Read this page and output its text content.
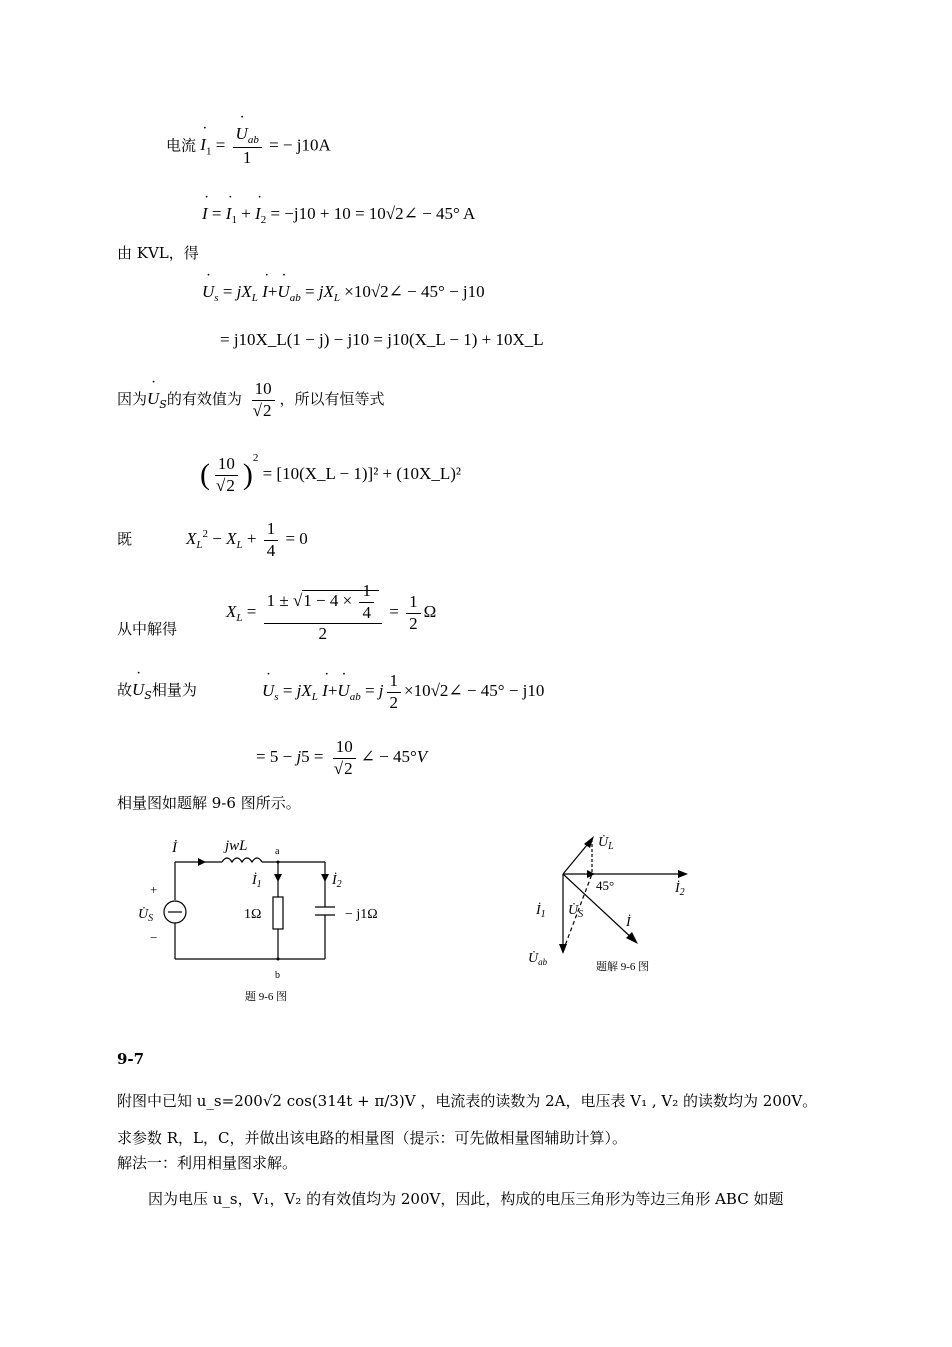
电流 ˙ $I_1$ = ˙ $\frac{U_{ab}}{1}$ = − j10A
˙ I = ˙ $I_1$ + ˙ $I_2 = -j10 + 10$ = 10√2∠ − 45° A
由 KVL，得
˙ $U_s = jX_L$ ˙ I+˙ $U_{ab} = jX_L$ ×10√2∠ − 45° − j10
= j10X_L(1 − j) − j10 = j10(X_L − 1) + 10X_L
因为˙ $U_S$的有效值为 $\frac{10}{√2}$ ，所以有恒等式
( $\frac{10}{√2} )^2$ = [10(X_L − 1)]² + (10X_L)²
既	$X_L^2 - X_L + \frac{1}{4} = 0$
从中解得
$X_L = \frac{1 \pm √1 - 4 \times \frac{1}{4}}{2} = \frac{1}{2}$ Ω
故˙ $U_S$相量为	˙ $U_s = jX_L$ ˙ I+˙ $U_{ab} = j \frac{1}{2}$ ×10√2∠ − 45° − j10
= $5 - j5 = \frac{10}{√2}$ ∠ − 45°V
相量图如题解 9-6 图所示。
İ	jwL	a
b
$İ_1$	$İ_2$
1Ω	− j1Ω
+
$U̇_S$
−
题 9-6 图
$U̇_L$
$İ_2$
45°
$İ_1$ $U̇_S$
İ
$U̇_{ab}$	题解 9-6 图
9-7
附图中已知 u_s=200√2 cos(314t + π/3)V ，电流表的读数为 2A，电压表 V₁ , V₂ 的读数均为 200V。
求参数 R，L，C，并做出该电路的相量图（提示：可先做相量图辅助计算）。
解法一：利用相量图求解。
因为电压 u_s，V₁，V₂ 的有效值均为 200V，因此，构成的电压三角形为等边三角形 ABC 如题
